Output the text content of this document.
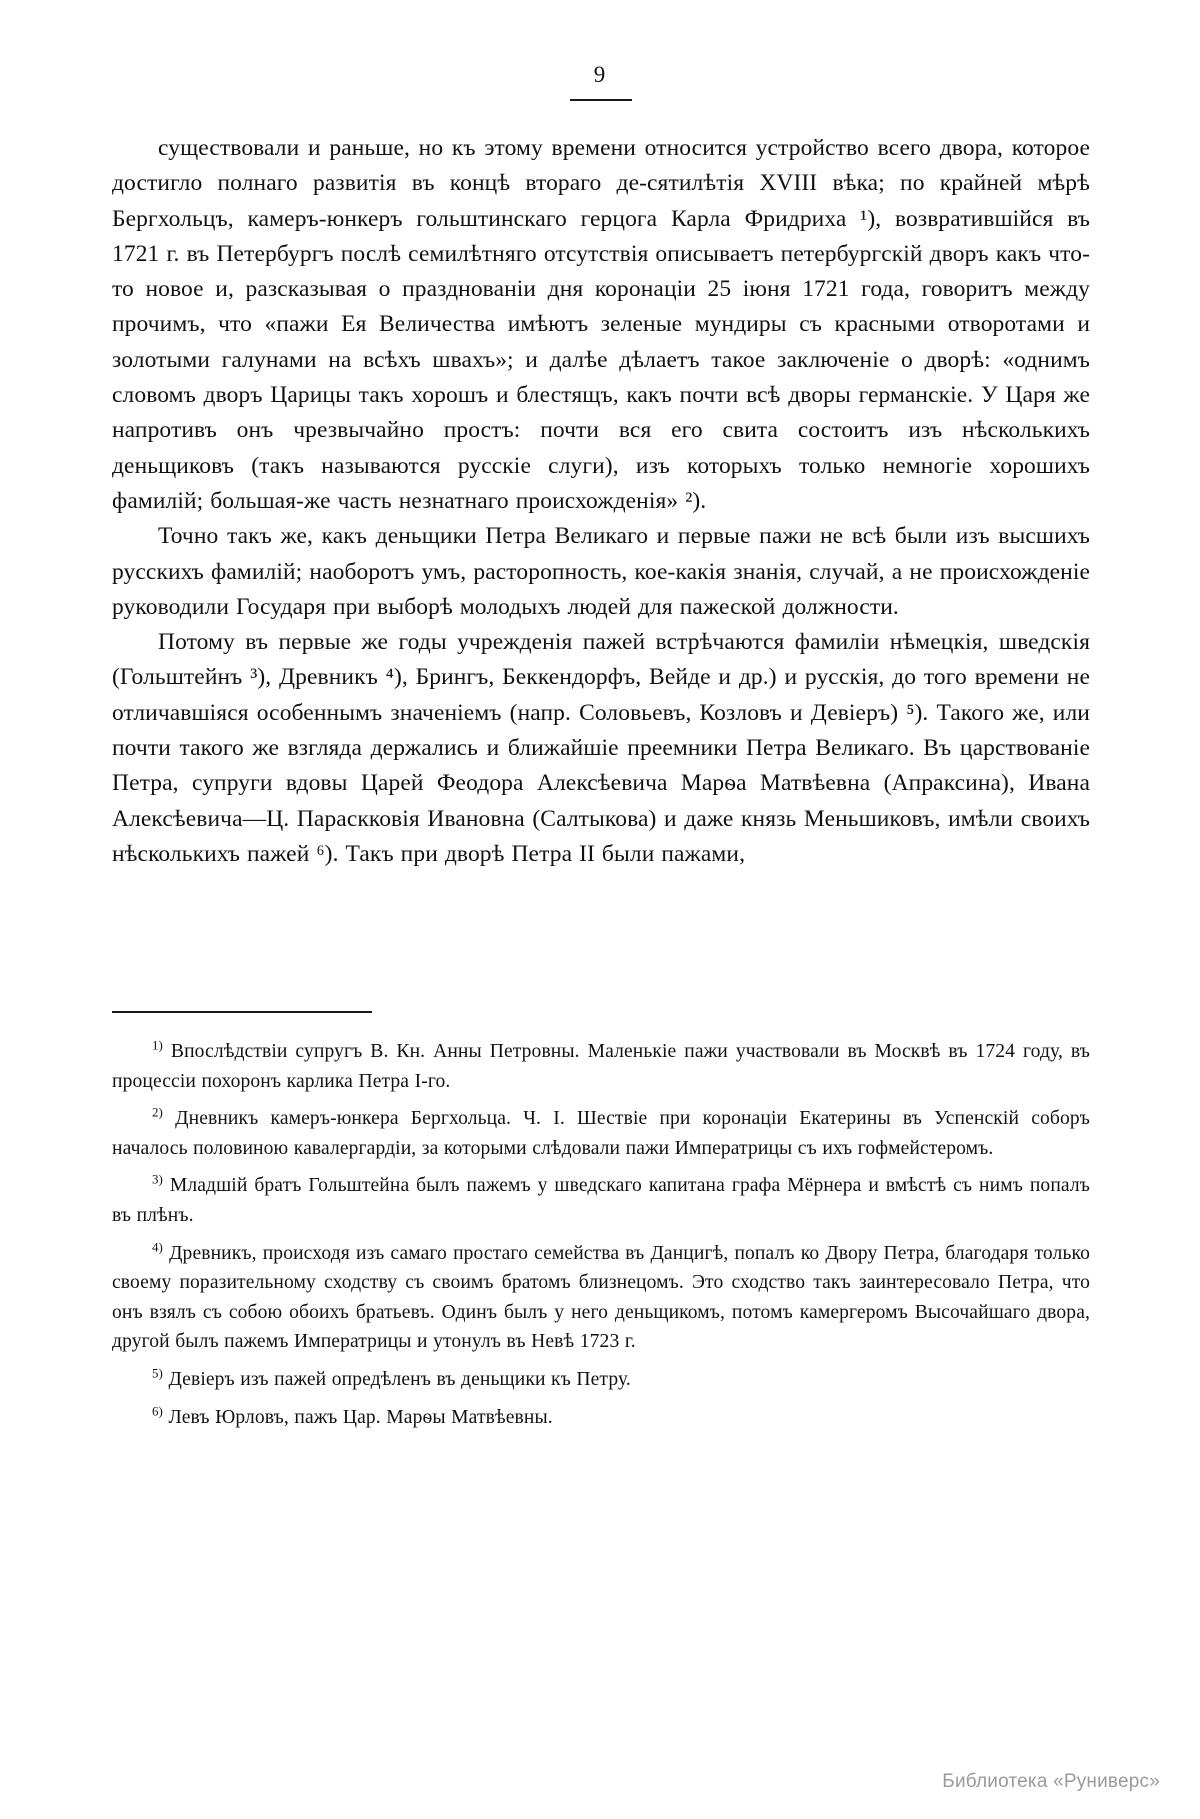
9

существовали и раньше, но къ этому времени относится устройство всего двора, которое достигло полнаго развитія въ концѣ втораго де-сятилѣтія XVIII вѣка; по крайней мѣрѣ Бергхольцъ, камеръ-юнкеръ гольштинскаго герцога Карла Фридриха ¹), возвратившійся въ 1721 г. въ Петербургъ послѣ семилѣтняго отсутствія описываетъ петербургскій дворъ какъ что-то новое и, разсказывая о празднованіи дня коронаціи 25 іюня 1721 года, говоритъ между прочимъ, что «пажи Ея Величества имѣютъ зеленые мундиры съ красными отворотами и золотыми галунами на всѣхъ швахъ»; и далѣе дѣлаетъ такое заключеніе о дворѣ: «однимъ словомъ дворъ Царицы такъ хорошъ и блестящъ, какъ почти всѣ дворы германскіе. У Царя же напротивъ онъ чрезвычайно простъ: почти вся его свита состоитъ изъ нѣсколькихъ деньщиковъ (такъ называются русскіе слуги), изъ которыхъ только немногіе хорошихъ фамилій; большая-же часть незнатнаго происхожденія» ²).

Точно такъ же, какъ деньщики Петра Великаго и первые пажи не всѣ были изъ высшихъ русскихъ фамилій; наоборотъ умъ, расторопность, кое-какія знанія, случай, а не происхожденіе руководили Государя при выборѣ молодыхъ людей для пажеской должности.

Потому въ первые же годы учрежденія пажей встрѣчаются фамиліи нѣмецкія, шведскія (Гольштейнъ ³), Древникъ ⁴), Брингъ, Беккендорфъ, Вейде и др.) и русскія, до того времени не отличавшіяся особеннымъ значеніемъ (напр. Соловьевъ, Козловъ и Девіеръ) ⁵). Такого же, или почти такого же взгляда держались и ближайшіе преемники Петра Великаго. Въ царствованіе Петра, супруги вдовы Царей Феодора Алексѣевича Марѳа Матвѣевна (Апраксина), Ивана Алексѣевича—Ц. Параскковія Ивановна (Салтыкова) и даже князь Меньшиковъ, имѣли своихъ нѣсколькихъ пажей ⁶). Такъ при дворѣ Петра II были пажами,

$^{1)}$ Впослѣдствіи супругъ В. Кн. Анны Петровны. Маленькіе пажи участвовали въ Москвѣ въ 1724 году, въ процессіи похоронъ карлика Петра I-го.

$^{2)}$ Дневникъ камеръ-юнкера Бергхольца. Ч. I. Шествіе при коронаціи Екатерины въ Успенскій соборъ началось половиною кавалергардіи, за которыми слѣдовали пажи Императрицы съ ихъ гофмейстеромъ.

$^{3)}$ Младшій братъ Гольштейна былъ пажемъ у шведскаго капитана графа Мёрнера и вмѣстѣ съ нимъ попалъ въ плѣнъ.

$^{4)}$ Древникъ, происходя изъ самаго простаго семейства въ Данцигѣ, попалъ ко Двору Петра, благодаря только своему поразительному сходству съ своимъ братомъ близнецомъ. Это сходство такъ заинтересовало Петра, что онъ взялъ съ собою обоихъ братьевъ. Одинъ былъ у него деньщикомъ, потомъ камергеромъ Высочайшаго двора, другой былъ пажемъ Императрицы и утонулъ въ Невѣ 1723 г.

$^{5)}$ Девіеръ изъ пажей опредѣленъ въ деньщики къ Петру.

$^{6)}$ Левъ Юрловъ, пажъ Цар. Марѳы Матвѣевны.

Библиотека «Руниверс»
